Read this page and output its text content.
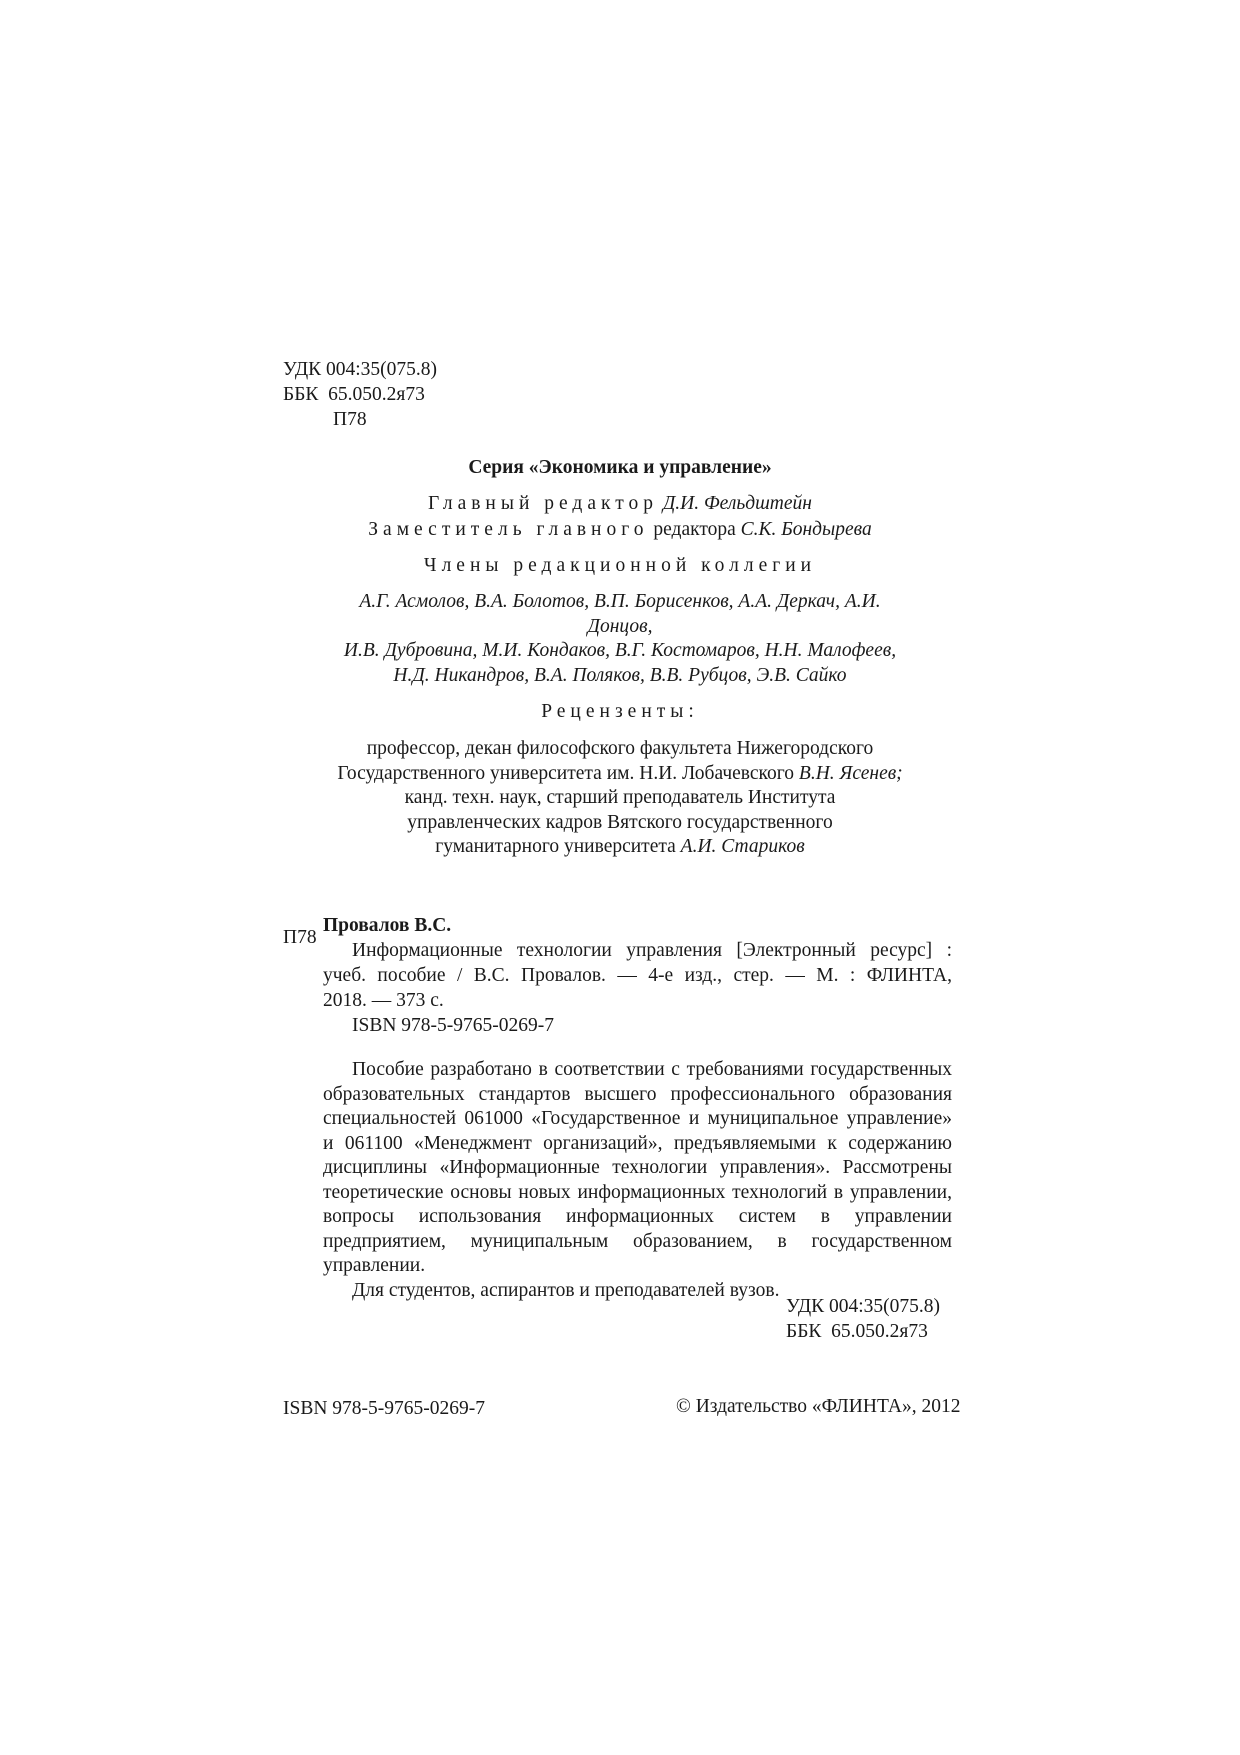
УДК 004:35(075.8)
ББК  65.050.2я73
П78
Серия «Экономика и управление»
Главный редактор Д.И. Фельдштейн
Заместитель главного редактора С.К. Бондырева
Члены редакционной коллегии
А.Г. Асмолов, В.А. Болотов, В.П. Борисенков, А.А. Деркач, А.И.
Донцов,
И.В. Дубровина, М.И. Кондаков, В.Г. Костомаров, Н.Н. Малофеев,
Н.Д. Никандров, В.А. Поляков, В.В. Рубцов, Э.В. Сайко
Рецензенты:
профессор, декан философского факультета Нижегородского
Государственного университета им. Н.И. Лобачевского В.Н. Ясенев;
канд. техн. наук, старший преподаватель Института
управленческих кадров Вятского государственного
гуманитарного университета А.И. Стариков
П78
Провалов В.С.
Информационные технологии управления [Электронный ресурс] :
учеб. пособие / В.С. Провалов. — 4-е изд., стер. — М. : ФЛИНТА,
2018. — 373 с.
ISBN 978-5-9765-0269-7
Пособие разработано в соответствии с требованиями государственных
образовательных стандартов высшего профессионального образования
специальностей 061000 «Государственное и муниципальное управление»
и 061100 «Менеджмент организаций», предъявляемыми к содержанию
дисциплины «Информационные технологии управления». Рассмотрены
теоретические основы новых информационных технологий в управлении,
вопросы использования информационных систем в управлении
предприятием, муниципальным образованием, в государственном
управлении.
Для студентов, аспирантов и преподавателей вузов.
УДК 004:35(075.8)
ББК  65.050.2я73
ISBN 978-5-9765-0269-7	© Издательство «ФЛИНТА», 2012
